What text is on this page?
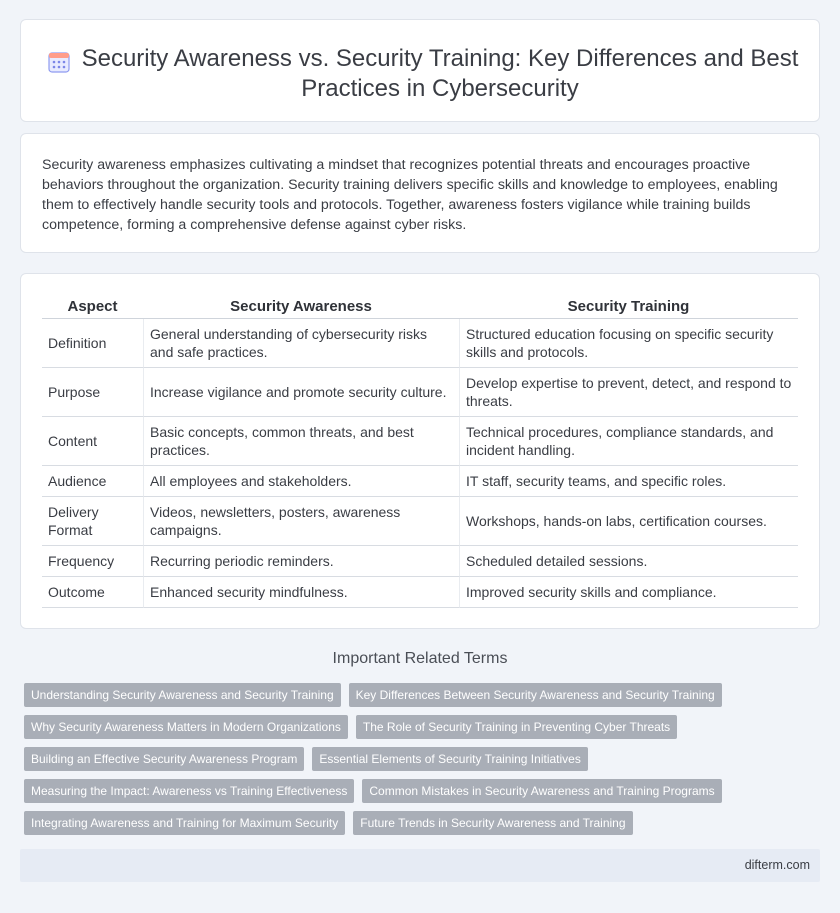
Security Awareness vs. Security Training: Key Differences and Best Practices in Cybersecurity

Security awareness emphasizes cultivating a mindset that recognizes potential threats and encourages proactive behaviors throughout the organization. Security training delivers specific skills and knowledge to employees, enabling them to effectively handle security tools and protocols. Together, awareness fosters vigilance while training builds competence, forming a comprehensive defense against cyber risks.

Aspect	Security Awareness	Security Training
Definition	General understanding of cybersecurity risks and safe practices.	Structured education focusing on specific security skills and protocols.
Purpose	Increase vigilance and promote security culture.	Develop expertise to prevent, detect, and respond to threats.
Content	Basic concepts, common threats, and best practices.	Technical procedures, compliance standards, and incident handling.
Audience	All employees and stakeholders.	IT staff, security teams, and specific roles.
Delivery Format	Videos, newsletters, posters, awareness campaigns.	Workshops, hands-on labs, certification courses.
Frequency	Recurring periodic reminders.	Scheduled detailed sessions.
Outcome	Enhanced security mindfulness.	Improved security skills and compliance.
Important Related Terms
Understanding Security Awareness and Security Training	Key Differences Between Security Awareness and Security Training
Why Security Awareness Matters in Modern Organizations	The Role of Security Training in Preventing Cyber Threats
Building an Effective Security Awareness Program	Essential Elements of Security Training Initiatives
Measuring the Impact: Awareness vs Training Effectiveness	Common Mistakes in Security Awareness and Training Programs
Integrating Awareness and Training for Maximum Security	Future Trends in Security Awareness and Training
difterm.com
